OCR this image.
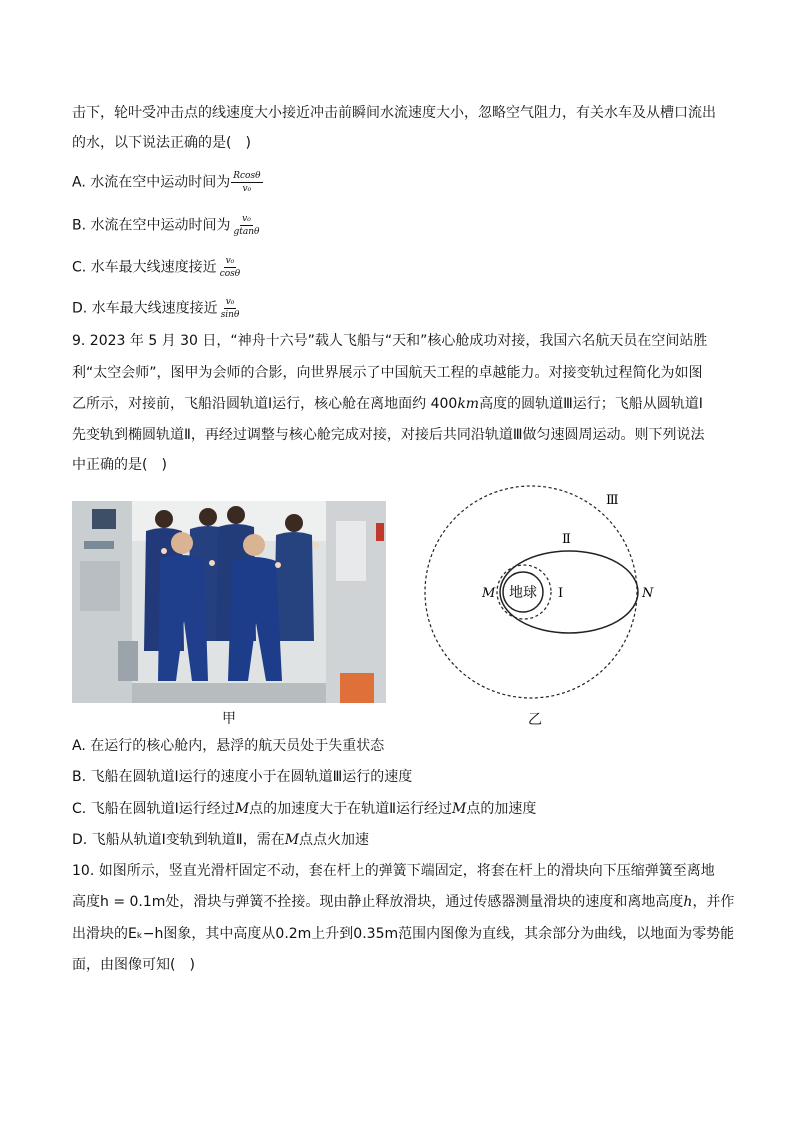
击下，轮叶受冲击点的线速度大小接近冲击前瞬间水流速度大小，忽略空气阻力，有关水车及从槽口流出
的水，以下说法正确的是(　)
A. 水流在空中运动时间为 $\frac{Rcos\theta}{\text{v₀}}$
B. 水流在空中运动时间为 $\frac{\text{v₀}}{gtan\theta}$
C. 水车最大线速度接近 $\frac{\text{v₀}}{\cos\theta}$
D. 水车最大线速度接近 $\frac{\text{v₀}}{\sin\theta}$
9. 2023 年 5 月 30 日，“神舟十六号”载人飞船与“天和”核心舱成功对接，我国六名航天员在空间站胜
利“太空会师”，图甲为会师的合影，向世界展示了中国航天工程的卓越能力。对接变轨过程简化为如图
乙所示，对接前，飞船沿圆轨道Ⅰ运行，核心舱在离地面约 400km高度的圆轨道Ⅲ运行；飞船从圆轨道Ⅰ
先变轨到椭圆轨道Ⅱ，再经过调整与核心舱完成对接，对接后共同沿轨道Ⅲ做匀速圆周运动。则下列说法
中正确的是(　)
甲
地球 Ⅰ
Ⅱ
Ⅲ
M	N
乙
A. 在运行的核心舱内，悬浮的航天员处于失重状态
B. 飞船在圆轨道Ⅰ运行的速度小于在圆轨道Ⅲ运行的速度
C. 飞船在圆轨道Ⅰ运行经过M点的加速度大于在轨道Ⅱ运行经过M点的加速度
D. 飞船从轨道Ⅰ变轨到轨道Ⅱ，需在M点点火加速
10. 如图所示，竖直光滑杆固定不动，套在杆上的弹簧下端固定，将套在杆上的滑块向下压缩弹簧至离地
高度h = 0.1m处，滑块与弹簧不拴接。现由静止释放滑块，通过传感器测量滑块的速度和离地高度h，并作
出滑块的Eₖ−h图象，其中高度从0.2m上升到0.35m范围内图像为直线，其余部分为曲线，以地面为零势能
面，由图像可知(　)
